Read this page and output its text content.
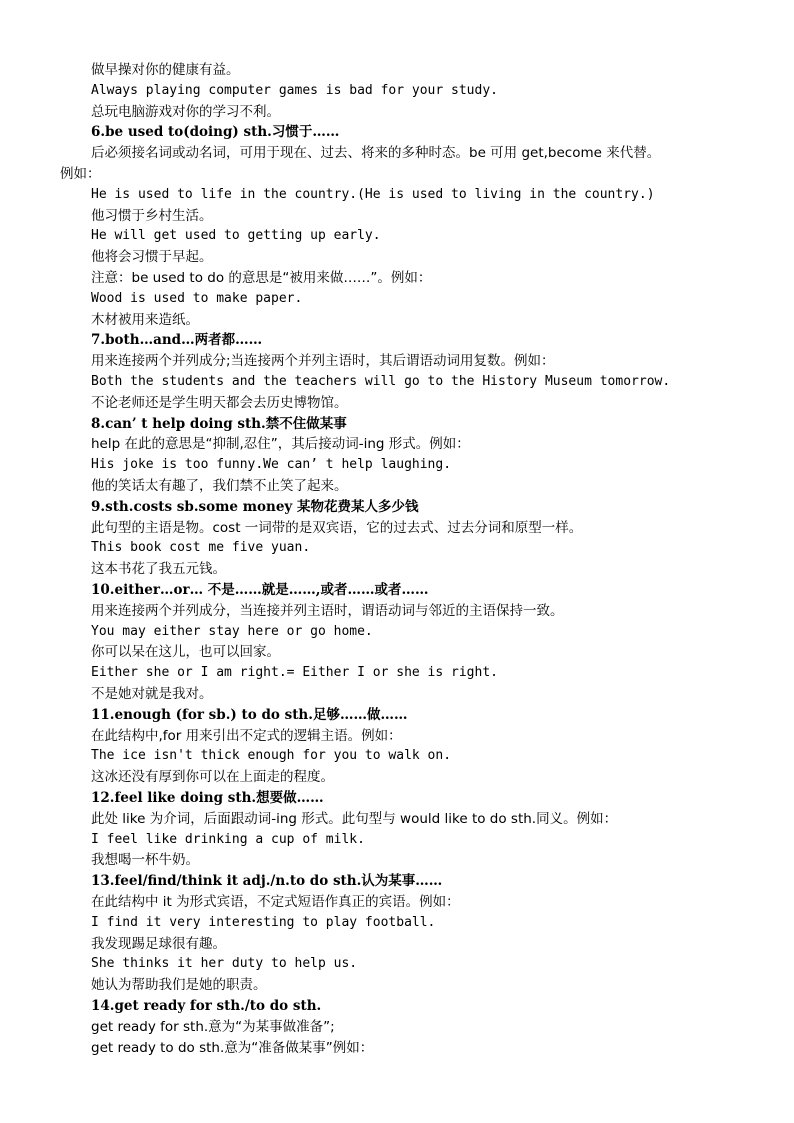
做早操对你的健康有益。
Always playing computer games is bad for your study.
总玩电脑游戏对你的学习不利。
6.be used to(doing) sth.习惯于……
后必须接名词或动名词，可用于现在、过去、将来的多种时态。be 可用 get,become 来代替。
例如：
He is used to life in the country.(He is used to living in the country.)
他习惯于乡村生活。
He will get used to getting up early.
他将会习惯于早起。
注意：be used to do 的意思是“被用来做……”。例如：
Wood is used to make paper.
木材被用来造纸。
7.both…and…两者都……
用来连接两个并列成分;当连接两个并列主语时，其后谓语动词用复数。例如：
Both the students and the teachers will go to the History Museum tomorrow.
不论老师还是学生明天都会去历史博物馆。
8.can’ t help doing sth.禁不住做某事
help 在此的意思是“抑制,忍住”，其后接动词-ing 形式。例如：
His joke is too funny.We can’ t help laughing.
他的笑话太有趣了，我们禁不止笑了起来。
9.sth.costs sb.some money 某物花费某人多少钱
此句型的主语是物。cost 一词带的是双宾语，它的过去式、过去分词和原型一样。
This book cost me five yuan.
这本书花了我五元钱。
10.either…or… 不是……就是……,或者……或者……
用来连接两个并列成分，当连接并列主语时，谓语动词与邻近的主语保持一致。
You may either stay here or go home.
你可以呆在这儿，也可以回家。
Either she or I am right.= Either I or she is right.
不是她对就是我对。
11.enough (for sb.) to do sth.足够……做……
在此结构中,for 用来引出不定式的逻辑主语。例如：
The ice isn't thick enough for you to walk on.
这冰还没有厚到你可以在上面走的程度。
12.feel like doing sth.想要做……
此处 like 为介词，后面跟动词-ing 形式。此句型与 would like to do sth.同义。例如：
I feel like drinking a cup of milk.
我想喝一杯牛奶。
13.feel/find/think it adj./n.to do sth.认为某事……
在此结构中 it 为形式宾语，不定式短语作真正的宾语。例如：
I find it very interesting to play football.
我发现踢足球很有趣。
She thinks it her duty to help us.
她认为帮助我们是她的职责。
14.get ready for sth./to do sth.
get ready for sth.意为“为某事做准备”;
get ready to do sth.意为“准备做某事”例如：
